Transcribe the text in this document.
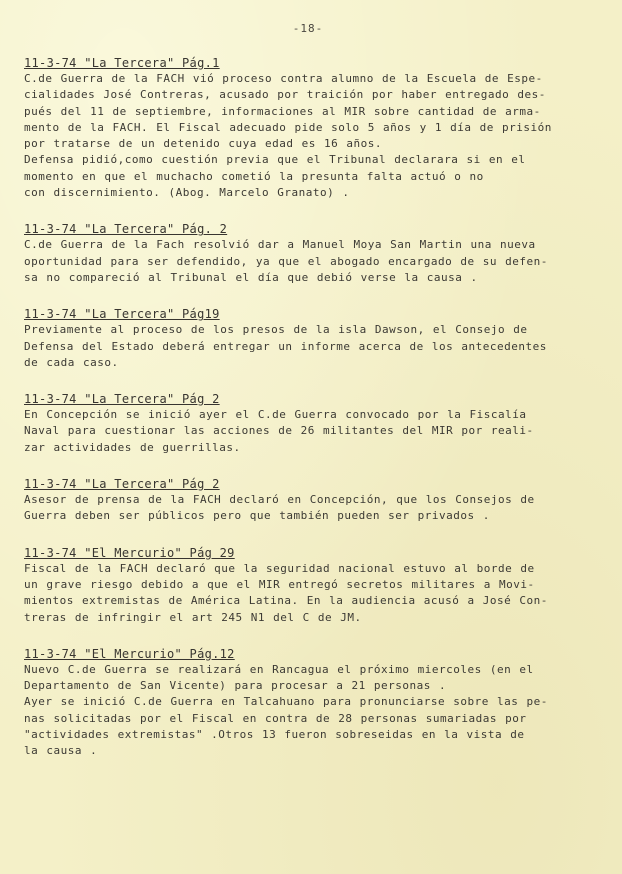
-18-

11-3-74 "La Tercera" Pág.1

C.de Guerra de la FACH vió proceso contra alumno de la Escuela de Espe-
cialidades José Contreras, acusado por traición por haber entregado des-
pués del 11 de septiembre, informaciones al MIR sobre cantidad de arma-
mento de la FACH. El Fiscal adecuado pide solo 5 años y 1 día de prisión
por tratarse de un detenido cuya edad es 16 años.
Defensa pidió,como cuestión previa que el Tribunal declarara si en el
momento en que el muchacho cometió la presunta falta actuó o no
con discernimiento. (Abog. Marcelo Granato) .

11-3-74 "La Tercera" Pág. 2

C.de Guerra de la Fach resolvió dar a Manuel Moya San Martin una nueva
oportunidad para ser defendido, ya que el abogado encargado de su defen-
sa no compareció al Tribunal el día que debió verse la causa .

11-3-74 "La Tercera" Pág19

Previamente al proceso de los presos de la isla Dawson, el Consejo de
Defensa del Estado deberá entregar un informe acerca de los antecedentes
de cada caso.

11-3-74 "La Tercera" Pág 2

En Concepción se inició ayer el C.de Guerra convocado por la Fiscalía
Naval para cuestionar las acciones de 26 militantes del MIR por reali-
zar actividades de guerrillas.

11-3-74 "La Tercera" Pág 2

Asesor de prensa de la FACH declaró en Concepción, que los Consejos de
Guerra deben ser públicos pero que también pueden ser privados .

11-3-74 "El Mercurio" Pág 29

Fiscal de la FACH declaró que la seguridad nacional estuvo al borde de
un grave riesgo debido a que el MIR entregó secretos militares a Movi-
mientos extremistas de América Latina. En la audiencia acusó a José Con-
treras de infringir el art 245 N1 del C de JM.

11-3-74 "El Mercurio" Pág.12

Nuevo C.de Guerra se realizará en Rancagua el próximo miercoles (en el
Departamento de San Vicente) para procesar a 21 personas .
Ayer se inició C.de Guerra en Talcahuano para pronunciarse sobre las pe-
nas solicitadas por el Fiscal en contra de 28 personas sumariadas por
"actividades extremistas" .Otros 13 fueron sobreseidas en la vista de
la causa .
